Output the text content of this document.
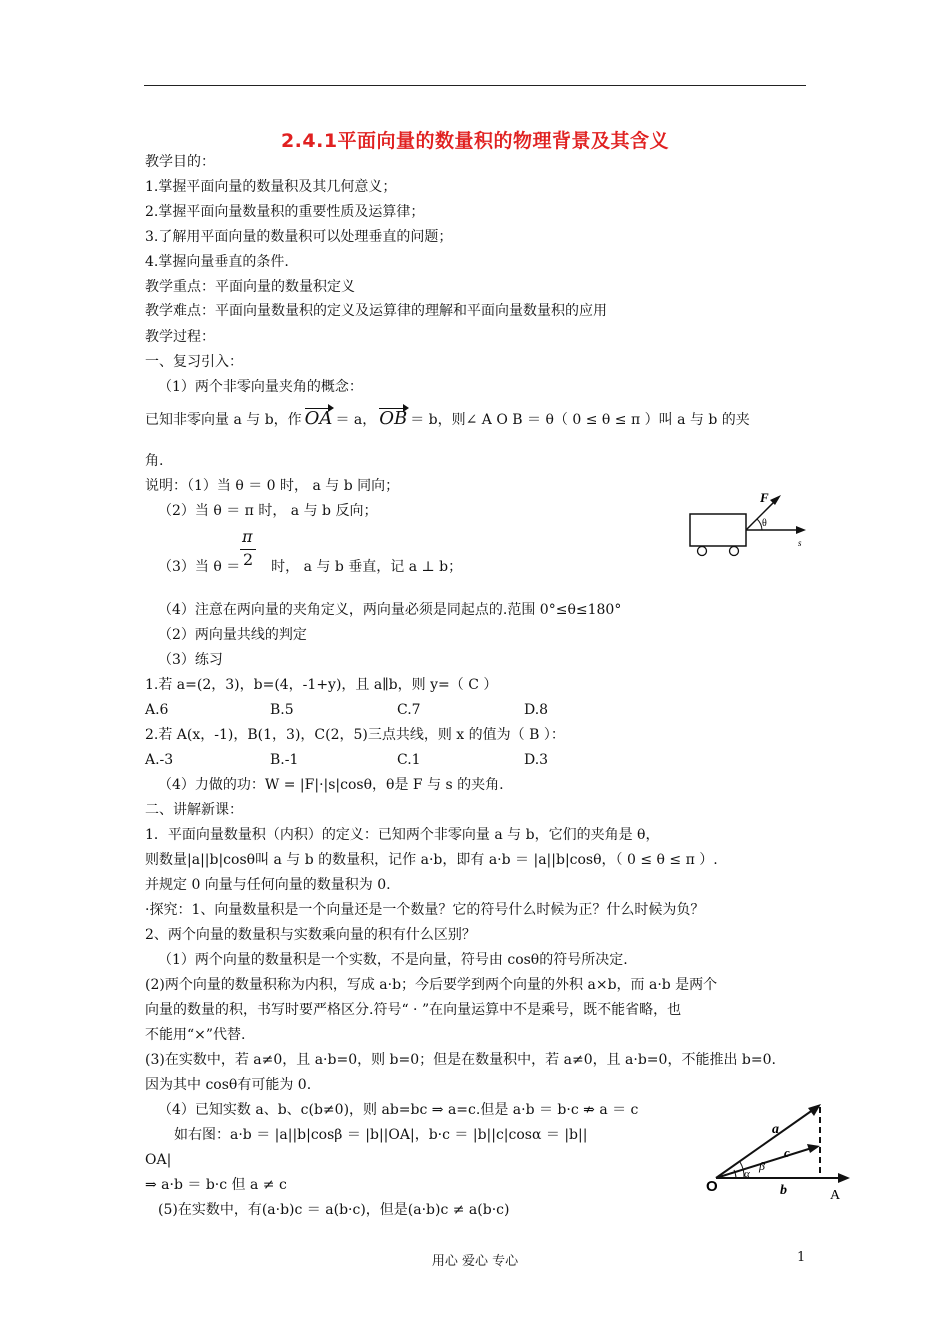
2.4.1平面向量的数量积的物理背景及其含义
教学目的：
1.掌握平面向量的数量积及其几何意义；
2.掌握平面向量数量积的重要性质及运算律；
3.了解用平面向量的数量积可以处理垂直的问题；
4.掌握向量垂直的条件.
教学重点：平面向量的数量积定义
教学难点：平面向量数量积的定义及运算律的理解和平面向量数量积的应用
教学过程：
一、复习引入：
（1）两个非零向量夹角的概念：
已知非零向量 a 与 b，作 OA ＝ a， OB ＝ b，则∠ A O B ＝ θ（ 0 ≤ θ ≤ π ）叫 a 与 b 的夹
角.
说明：（1）当 θ ＝ 0 时， a 与 b 同向；
（2）当 θ ＝ π 时， a 与 b 反向；
（3）当 θ ＝ 时， a 与 b 垂直，记 a ⊥ b；
π
2
（4）注意在两向量的夹角定义，两向量必须是同起点的.范围 0°≤θ≤180°
（2）两向量共线的判定
（3）练习
1.若 a=(2，3)，b=(4，-1+y)，且 a∥b，则 y=（ C ）
A.6	B.5	C.7	D.8
2.若 A(x，-1)，B(1，3)，C(2，5)三点共线，则 x 的值为（ B ）：
A.-3	B.-1	C.1	D.3
（4）力做的功：W = |F|·|s|cosθ，θ是 F 与 s 的夹角.
二、讲解新课：
1．平面向量数量积（内积）的定义：已知两个非零向量 a 与 b，它们的夹角是 θ，
则数量|a||b|cosθ叫 a 与 b 的数量积，记作 a·b，即有 a·b ＝ |a||b|cosθ，（ 0 ≤ θ ≤ π ）.
并规定 0 向量与任何向量的数量积为 0.
·探究：1、向量数量积是一个向量还是一个数量？它的符号什么时候为正？什么时候为负？
2、两个向量的数量积与实数乘向量的积有什么区别？
（1）两个向量的数量积是一个实数，不是向量，符号由 cosθ的符号所决定.
(2)两个向量的数量积称为内积，写成 a·b；今后要学到两个向量的外积 a×b，而 a·b 是两个
向量的数量的积，书写时要严格区分.符号“ · ”在向量运算中不是乘号，既不能省略，也
不能用“×”代替.
(3)在实数中，若 a≠0，且 a·b=0，则 b=0；但是在数量积中，若 a≠0，且 a·b=0，不能推出 b=0.
因为其中 cosθ有可能为 0.
（4）已知实数 a、b、c(b≠0)，则 ab=bc ⇒ a=c.但是 a·b ＝ b·c ⇏ a ＝ c
如右图：a·b ＝ |a||b|cosβ ＝ |b||OA|，b·c ＝ |b||c|cosα ＝ |b||
OA|
⇒ a·b ＝ b·c 但 a ≠ c
(5)在实数中，有(a·b)c ＝ a(b·c)，但是(a·b)c ≠ a(b·c)
F
θ
s
a
c
β
α
O	b	A
用心 爱心 专心	1
